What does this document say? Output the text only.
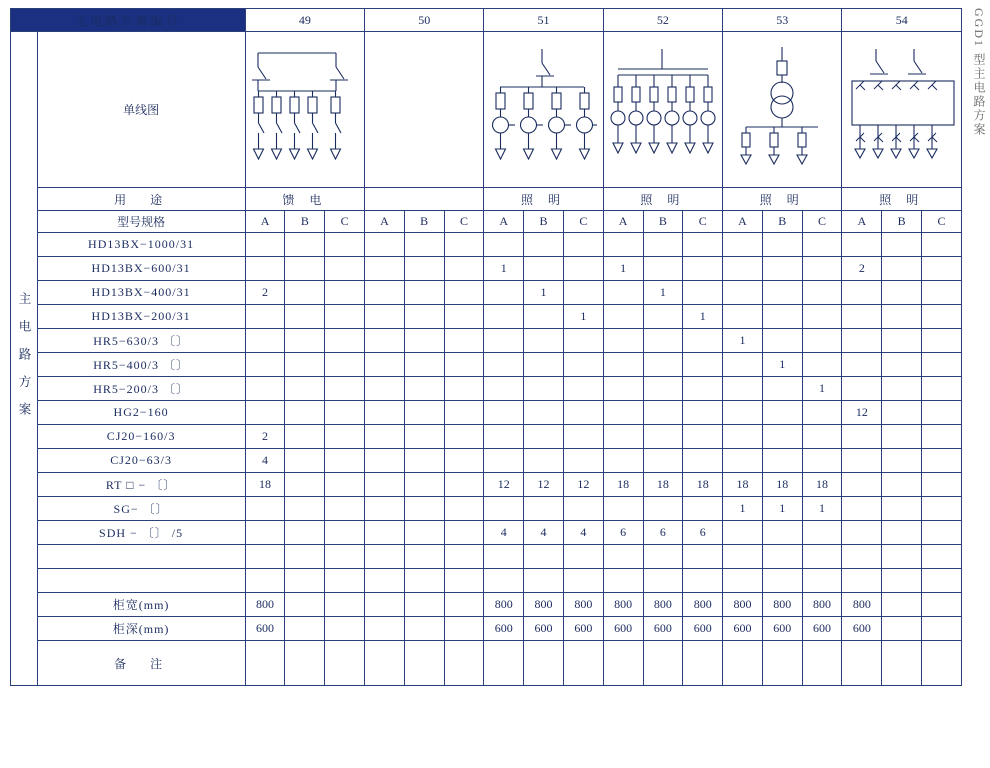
GGD1 型主电路方案
主电路方案编号		49			50			51			52			53			54		
主 电 路 方 案	单线图	

	用　途	馈 电						照 明			照 明			照 明			照 明		
	型号规格	A	B	C	A	B	C	A	B	C	A	B	C	A	B	C	A	B	C
	HD13BX−1000/31																		
	HD13BX−600/31							1			1						2		
	HD13BX−400/31	2							1			1							
	HD13BX−200/31									1			1						
	HR5−630/3 〔〕													1					
	HR5−400/3 〔〕														1				
	HR5−200/3 〔〕															1			
	HG2−160																12		
	CJ20−160/3	2																	
	CJ20−63/3	4																	
	RT □ − 〔〕	18						12	12	12	18	18	18	18	18	18			
	SG− 〔〕													1	1	1			
	SDH − 〔〕 /5							4	4	4	6	6	6						

	柜宽(mm)	800						800	800	800	800	800	800	800	800	800	800		
	柜深(mm)	600						600	600	600	600	600	600	600	600	600	600		
	备　注																		
